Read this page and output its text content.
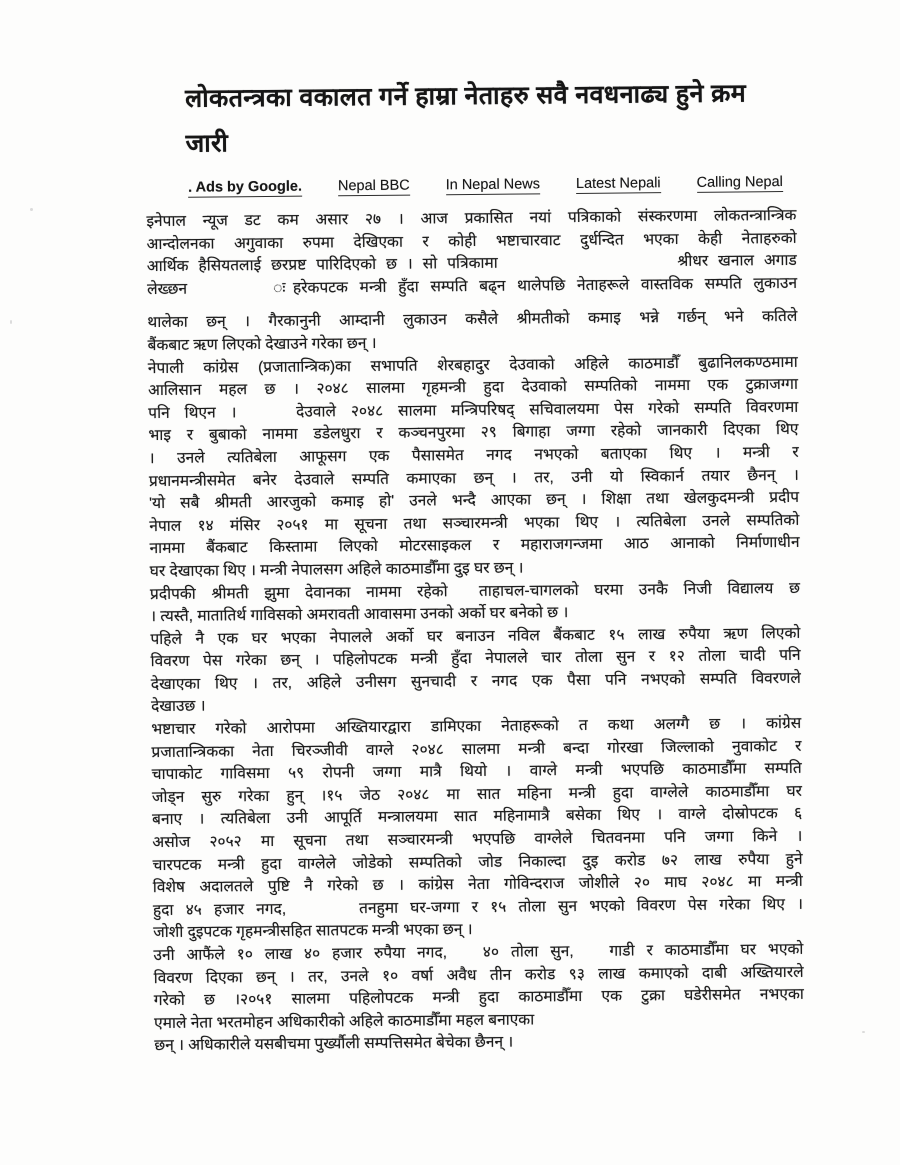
लोकतन्त्रका वकालत गर्ने हाम्रा नेताहरु सवै नवधनाढ्य हुने क्रम
जारी
. Ads by Google. Nepal BBC In Nepal News Latest Nepali Calling Nepal
इनेपाल न्यूज डट कम असार २७ । आज प्रकासित नयां पत्रिकाको संस्करणमा लोकतन्त्रान्त्रिक
आन्दोलनका अगुवाका रुपमा देखिएका र कोही भष्टाचारवाट दुर्धन्दित भएका केही नेताहरुको
आर्थिक हैसियतलाई छरप्रष्ट पारिदिएको छ । सो पत्रिकामा                  श्रीधर खनाल अगाड
लेख्छन        ःहरेकपटक मन्त्री हुँदा सम्पति बढ्न थालेपछि नेताहरूले वास्तविक सम्पति लुकाउन
थालेका छन् । गैरकानुनी आम्दानी लुकाउन कसैले श्रीमतीको कमाइ भन्ने गर्छन् भने कतिले
बैंकबाट ऋण लिएको देखाउने गरेका छन् ।
नेपाली कांग्रेस (प्रजातान्त्रिक)का सभापति शेरबहादुर देउवाको अहिले काठमाडौँ बुढानिलकण्ठमामा
आलिसान महल छ । २०४८ सालमा गृहमन्त्री हुदा देउवाको सम्पतिको नाममा एक टुक्राजग्गा
पनि थिएन ।    देउवाले २०४८ सालमा मन्त्रिपरिषद् सचिवालयमा पेस गरेको सम्पति विवरणमा
भाइ र बुबाको नाममा डडेलधुरा र कञ्चनपुरमा २९ बिगाहा जग्गा रहेको जानकारी दिएका थिए
। उनले त्यतिबेला आफूसग एक पैसासमेत नगद नभएको बताएका थिए । मन्त्री र
प्रधानमन्त्रीसमेत बनेर देउवाले सम्पति कमाएका छन् । तर, उनी यो स्विकार्न तयार छैनन् ।
'यो सबै श्रीमती आरजुको कमाइ हो' उनले भन्दै आएका छन् । शिक्षा तथा खेलकुदमन्त्री प्रदीप
नेपाल १४ मंसिर २०५१ मा सूचना तथा सञ्चारमन्त्री भएका थिए । त्यतिबेला उनले सम्पतिको
नाममा बैंकबाट किस्तामा लिएको मोटरसाइकल र महाराजगन्जमा आठ आनाको निर्माणाधीन
घर देखाएका थिए । मन्त्री नेपालसग अहिले काठमाडौँमा दुइ घर छन् ।
प्रदीपकी श्रीमती झुमा देवानका नाममा रहेको  ताहाचल-चागलको घरमा उनकै निजी विद्यालय छ
। त्यस्तै, मातातिर्थ गाविसको अमरावती आवासमा उनको अर्को घर बनेको छ ।
पहिले नै एक घर भएका नेपालले अर्को घर बनाउन नविल बैंकबाट १५ लाख रुपैया ऋण लिएको
विवरण पेस गरेका छन् । पहिलोपटक मन्त्री हुँदा नेपालले चार तोला सुन र १२ तोला चादी पनि
देखाएका थिए । तर, अहिले उनीसग सुनचादी र नगद एक पैसा पनि नभएको सम्पति विवरणले
देखाउछ ।
भष्टाचार गरेको आरोपमा अख्तियारद्वारा डामिएका नेताहरूको त कथा अलग्गै छ । कांग्रेस
प्रजातान्त्रिकका नेता चिरञ्जीवी वाग्ले २०४८ सालमा मन्त्री बन्दा गोरखा जिल्लाको नुवाकोट र
चापाकोट गाविसमा ५९ रोपनी जग्गा मात्रै थियो । वाग्ले मन्त्री भएपछि काठमाडौँमा सम्पति
जोड्न सुरु गरेका हुन् ।१५ जेठ २०४८ मा सात महिना मन्त्री हुदा वाग्लेले काठमाडौँमा घर
बनाए । त्यतिबेला उनी आपूर्ति मन्त्रालयमा सात महिनामात्रै बसेका थिए । वाग्ले दोस्रोपटक ६
असोज २०५२ मा सूचना तथा सञ्चारमन्त्री भएपछि वाग्लेले चितवनमा पनि जग्गा किने ।
चारपटक मन्त्री हुदा वाग्लेले जोडेको सम्पतिको जोड निकाल्दा दुइ करोड ७२ लाख रुपैया हुने
विशेष अदालतले पुष्टि नै गरेको छ । कांग्रेस नेता गोविन्दराज जोशीले २० माघ २०४८ मा मन्त्री
हुदा ४५ हजार नगद,      तनहुमा घर-जग्गा र १५ तोला सुन भएको विवरण पेस गरेका थिए ।
जोशी दुइपटक गृहमन्त्रीसहित सातपटक मन्त्री भएका छन् ।
उनी आफैंले १० लाख ४० हजार रुपैया नगद,   ४० तोला सुन,   गाडी र काठमाडौँमा घर भएको
विवरण दिएका छन् । तर, उनले १० वर्षा अवैध तीन करोड ९३ लाख कमाएको दाबी अख्तियारले
गरेको छ ।२०५१ सालमा पहिलोपटक मन्त्री हुदा काठमाडौँमा एक टुक्रा घडेरीसमेत नभएका
एमाले नेता भरतमोहन अधिकारीको अहिले काठमाडौँमा महल बनाएका
छन् । अधिकारीले यसबीचमा पुर्ख्यौली सम्पत्तिसमेत बेचेका छैनन् ।
